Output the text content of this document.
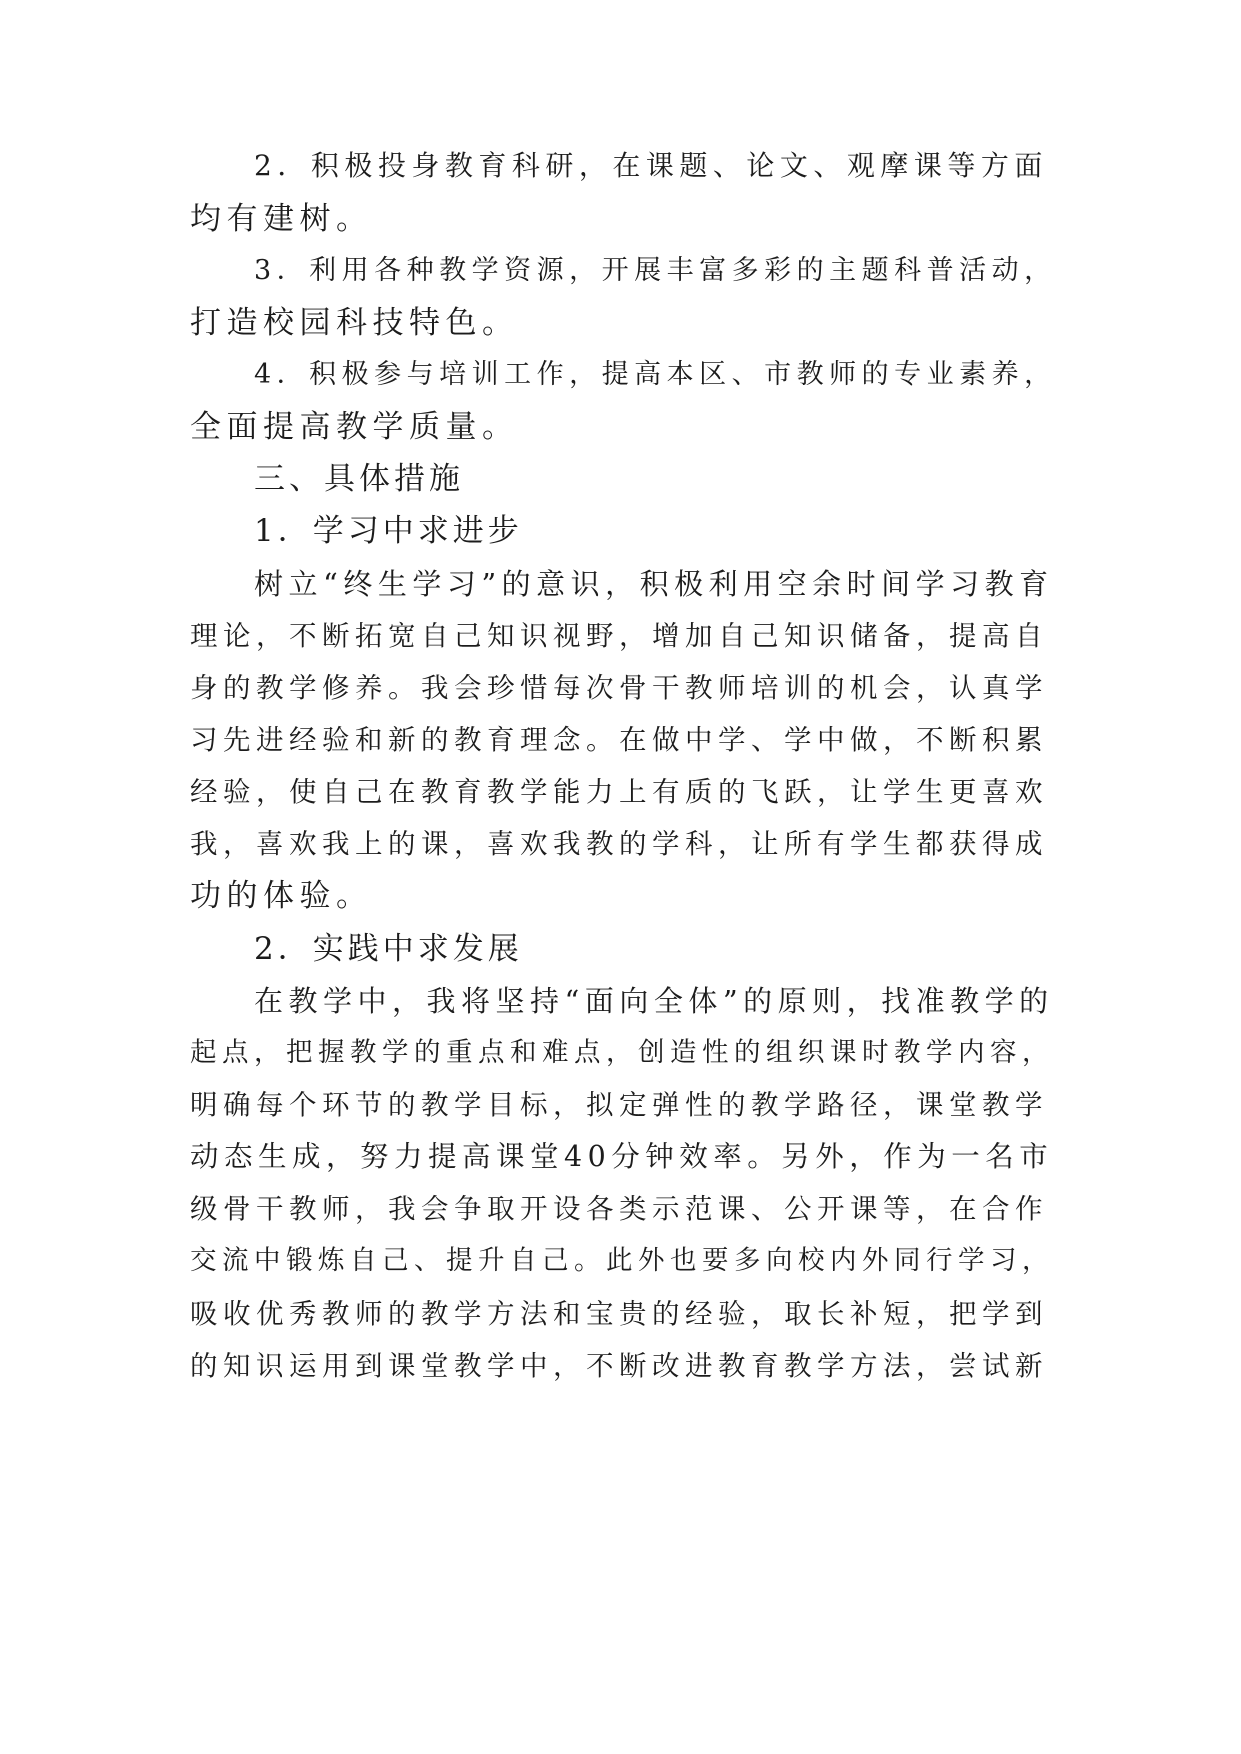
2．积极投身教育科研，在课题、论文、观摩课等方面
均有建树。
3．利用各种教学资源，开展丰富多彩的主题科普活动，
打造校园科技特色。
4．积极参与培训工作，提高本区、市教师的专业素养，
全面提高教学质量。
三、具体措施
1．学习中求进步
树立“终生学习”的意识，积极利用空余时间学习教育
理论，不断拓宽自己知识视野，增加自己知识储备，提高自
身的教学修养。我会珍惜每次骨干教师培训的机会，认真学
习先进经验和新的教育理念。在做中学、学中做，不断积累
经验，使自己在教育教学能力上有质的飞跃，让学生更喜欢
我，喜欢我上的课，喜欢我教的学科，让所有学生都获得成
功的体验。
2．实践中求发展
在教学中，我将坚持“面向全体”的原则，找准教学的
起点，把握教学的重点和难点，创造性的组织课时教学内容，
明确每个环节的教学目标，拟定弹性的教学路径，课堂教学
动态生成，努力提高课堂40分钟效率。另外，作为一名市
级骨干教师，我会争取开设各类示范课、公开课等，在合作
交流中锻炼自己、提升自己。此外也要多向校内外同行学习，
吸收优秀教师的教学方法和宝贵的经验，取长补短，把学到
的知识运用到课堂教学中，不断改进教育教学方法，尝试新
